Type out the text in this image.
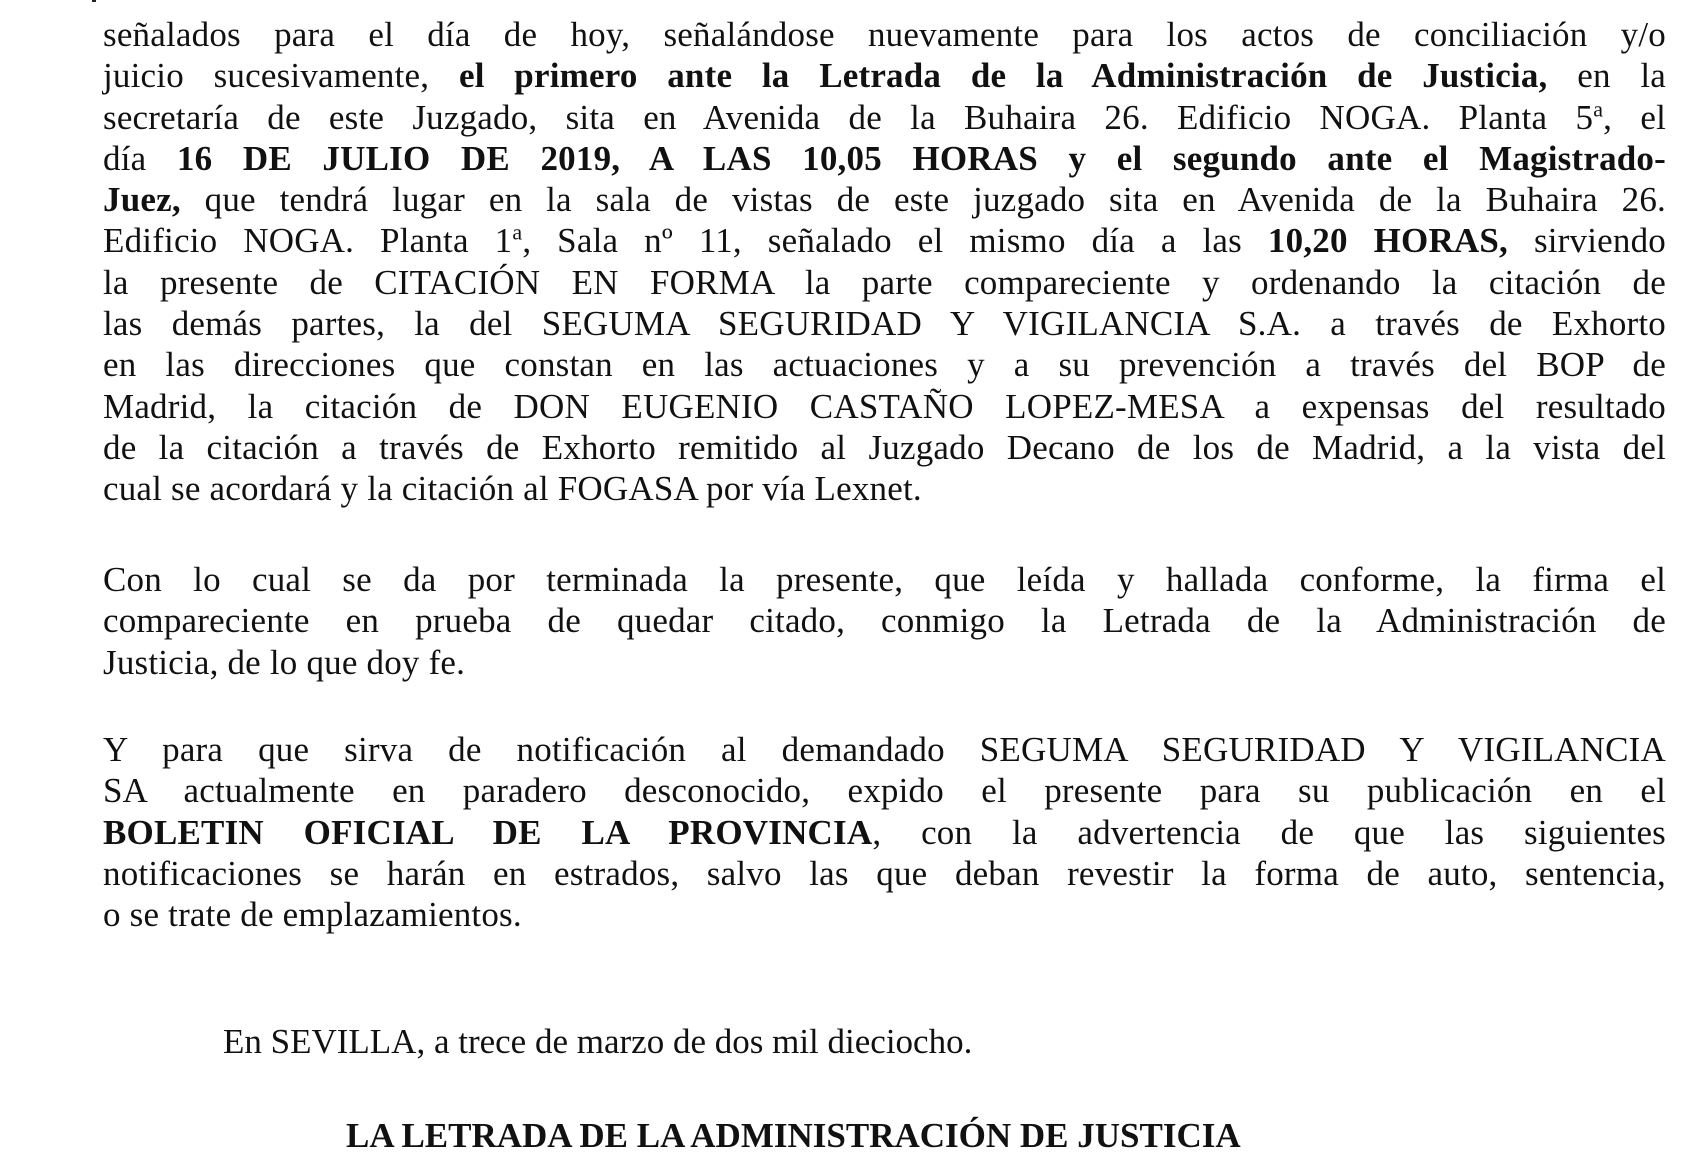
señalados para el día de hoy, señalándose nuevamente para los actos de conciliación y/o
juicio sucesivamente, el primero ante la Letrada de la Administración de Justicia, en la
secretaría de este Juzgado, sita en Avenida de la Buhaira 26. Edificio NOGA. Planta 5$^a$, el
día 16 DE JULIO DE 2019, A LAS 10,05 HORAS y el segundo ante el Magistrado-
Juez, que tendrá lugar en la sala de vistas de este juzgado sita en Avenida de la Buhaira 26.
Edificio NOGA. Planta 1$^a$, Sala nº 11, señalado el mismo día a las 10,20 HORAS, sirviendo
la presente de CITACIÓN EN FORMA la parte compareciente y ordenando la citación de
las demás partes, la del SEGUMA SEGURIDAD Y VIGILANCIA S.A. a través de Exhorto
en las direcciones que constan en las actuaciones y a su prevención a través del BOP de
Madrid, la citación de DON EUGENIO CASTAÑO LOPEZ-MESA a expensas del resultado
de la citación a través de Exhorto remitido al Juzgado Decano de los de Madrid, a la vista del
cual se acordará y la citación al FOGASA por vía Lexnet.
Con lo cual se da por terminada la presente, que leída y hallada conforme, la firma el
compareciente en prueba de quedar citado, conmigo la Letrada de la Administración de
Justicia, de lo que doy fe.
Y para que sirva de notificación al demandado SEGUMA SEGURIDAD Y VIGILANCIA
SA actualmente en paradero desconocido, expido el presente para su publicación en el
BOLETIN OFICIAL DE LA PROVINCIA, con la advertencia de que las siguientes
notificaciones se harán en estrados, salvo las que deban revestir la forma de auto, sentencia,
o se trate de emplazamientos.
En SEVILLA, a trece de marzo de dos mil dieciocho.
LA LETRADA DE LA ADMINISTRACIÓN DE JUSTICIA
